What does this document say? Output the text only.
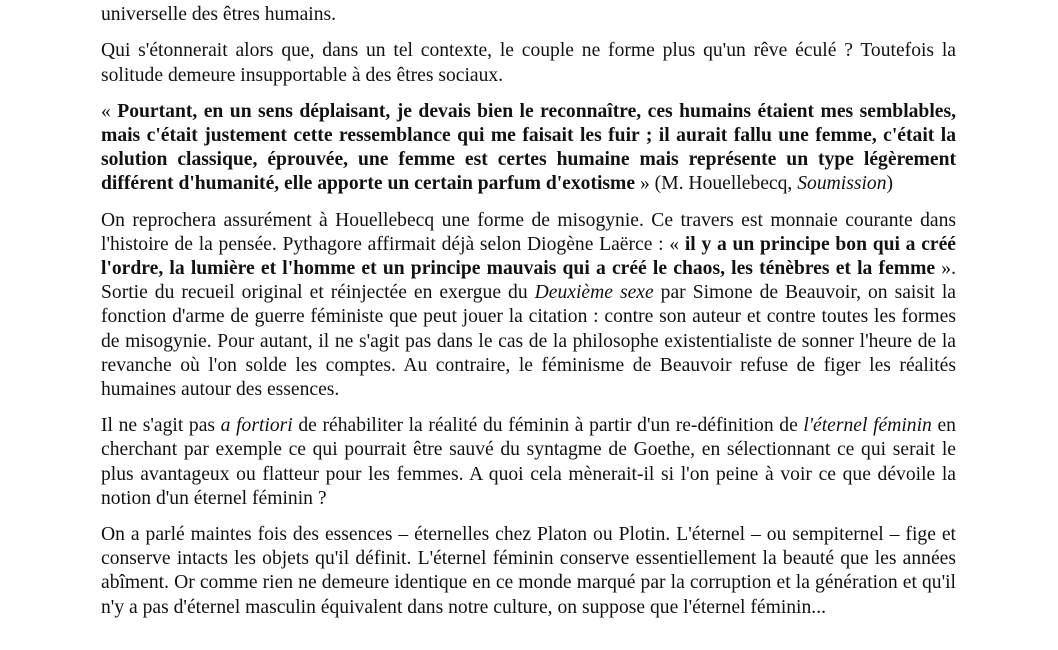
universelle des êtres humains.

Qui s'étonnerait alors que, dans un tel contexte, le couple ne forme plus qu'un rêve éculé ? Toutefois la solitude demeure insupportable à des êtres sociaux.

« Pourtant, en un sens déplaisant, je devais bien le reconnaître, ces humains étaient mes semblables, mais c'était justement cette ressemblance qui me faisait les fuir ; il aurait fallu une femme, c'était la solution classique, éprouvée, une femme est certes humaine mais représente un type légèrement différent d'humanité, elle apporte un certain parfum d'exotisme » (M. Houellebecq, Soumission)

On reprochera assurément à Houellebecq une forme de misogynie. Ce travers est monnaie courante dans l'histoire de la pensée. Pythagore affirmait déjà selon Diogène Laërce : « il y a un principe bon qui a créé l'ordre, la lumière et l'homme et un principe mauvais qui a créé le chaos, les ténèbres et la femme ». Sortie du recueil original et réinjectée en exergue du Deuxième sexe par Simone de Beauvoir, on saisit la fonction d'arme de guerre féministe que peut jouer la citation : contre son auteur et contre toutes les formes de misogynie. Pour autant, il ne s'agit pas dans le cas de la philosophe existentialiste de sonner l'heure de la revanche où l'on solde les comptes. Au contraire, le féminisme de Beauvoir refuse de figer les réalités humaines autour des essences.

Il ne s'agit pas a fortiori de réhabiliter la réalité du féminin à partir d'un re-définition de l'éternel féminin en cherchant par exemple ce qui pourrait être sauvé du syntagme de Goethe, en sélectionnant ce qui serait le plus avantageux ou flatteur pour les femmes. A quoi cela mènerait-il si l'on peine à voir ce que dévoile la notion d'un éternel féminin ?

On a parlé maintes fois des essences – éternelles chez Platon ou Plotin. L'éternel – ou sempiternel – fige et conserve intacts les objets qu'il définit. L'éternel féminin conserve essentiellement la beauté que les années abîment. Or comme rien ne demeure identique en ce monde marqué par la corruption et la génération et qu'il n'y a pas d'éternel masculin équivalent dans notre culture, on suppose que l'éternel féminin...
